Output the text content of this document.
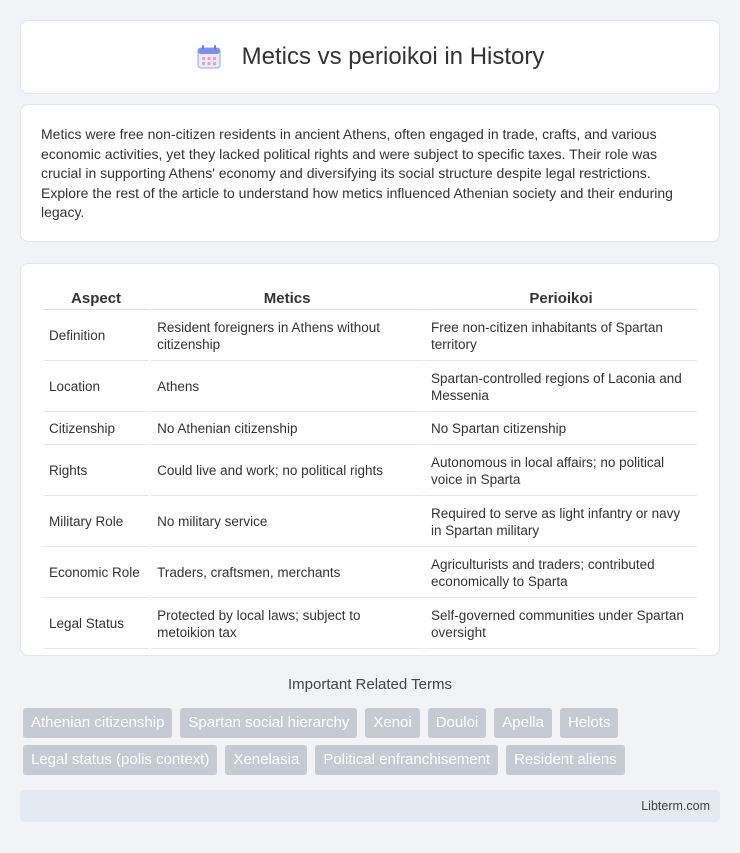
Metics vs perioikoi in History

Metics were free non-citizen residents in ancient Athens, often engaged in trade, crafts, and various economic activities, yet they lacked political rights and were subject to specific taxes. Their role was crucial in supporting Athens' economy and diversifying its social structure despite legal restrictions. Explore the rest of the article to understand how metics influenced Athenian society and their enduring legacy.

Aspect	Metics	Perioikoi
Definition	Resident foreigners in Athens without citizenship	Free non-citizen inhabitants of Spartan territory
Location	Athens	Spartan-controlled regions of Laconia and Messenia
Citizenship	No Athenian citizenship	No Spartan citizenship
Rights	Could live and work; no political rights	Autonomous in local affairs; no political voice in Sparta
Military Role	No military service	Required to serve as light infantry or navy in Spartan military
Economic Role	Traders, craftsmen, merchants	Agriculturists and traders; contributed economically to Sparta
Legal Status	Protected by local laws; subject to metoikion tax	Self-governed communities under Spartan oversight
Important Related Terms
Athenian citizenship	Spartan social hierarchy	Xenoi	Douloi	Apella	Helots
Legal status (polis context)	Xenelasia	Political enfranchisement	Resident aliens
Libterm.com
